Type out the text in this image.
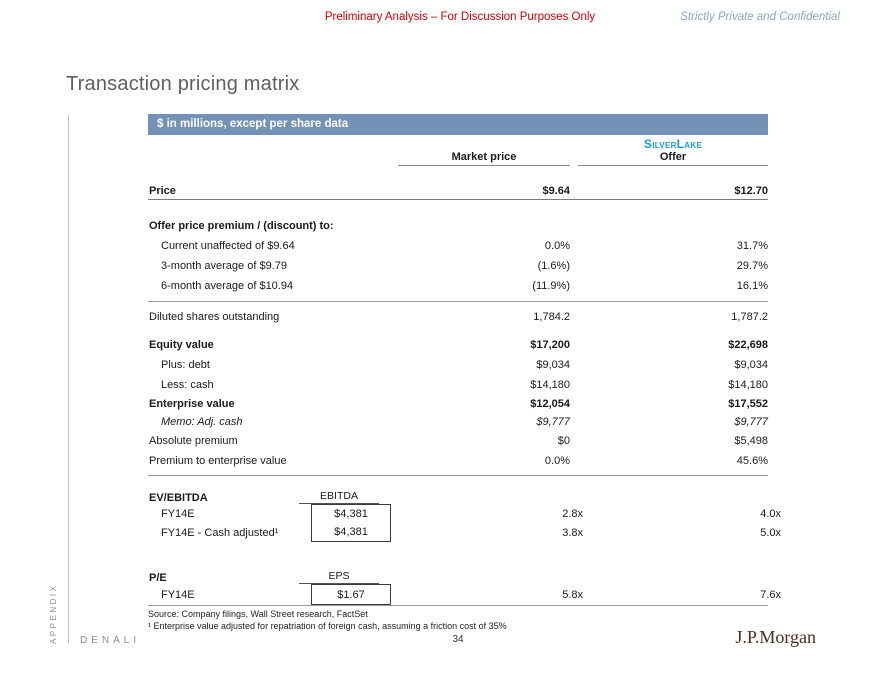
Preliminary Analysis – For Discussion Purposes Only	Strictly Private and Confidential
Transaction pricing matrix
APPENDIX DENALI
$ in millions, except per share data
Market price
SilverLake
Offer
Price	$9.64	$12.70
Offer price premium / (discount) to:
Current unaffected of $9.64	0.0%	31.7%
3-month average of $9.79	(1.6%)	29.7%
6-month average of $10.94	(11.9%)	16.1%
Diluted shares outstanding	1,784.2	1,787.2
Equity value	$17,200	$22,698
Plus: debt	$9,034	$9,034
Less: cash	$14,180	$14,180
Enterprise value	$12,054	$17,552
Memo: Adj. cash	$9,777	$9,777
Absolute premium	$0	$5,498
Premium to enterprise value	0.0%	45.6%
EV/EBITDA	EBITDA
FY14E	$4,381	2.8x	4.0x
FY14E - Cash adjusted¹	$4,381	3.8x	5.0x
P/E	EPS
FY14E	$1.67	5.8x	7.6x
Source: Company filings, Wall Street research, FactSet
¹ Enterprise value adjusted for repatriation of foreign cash, assuming a friction cost of 35%
34	J.P.Morgan
